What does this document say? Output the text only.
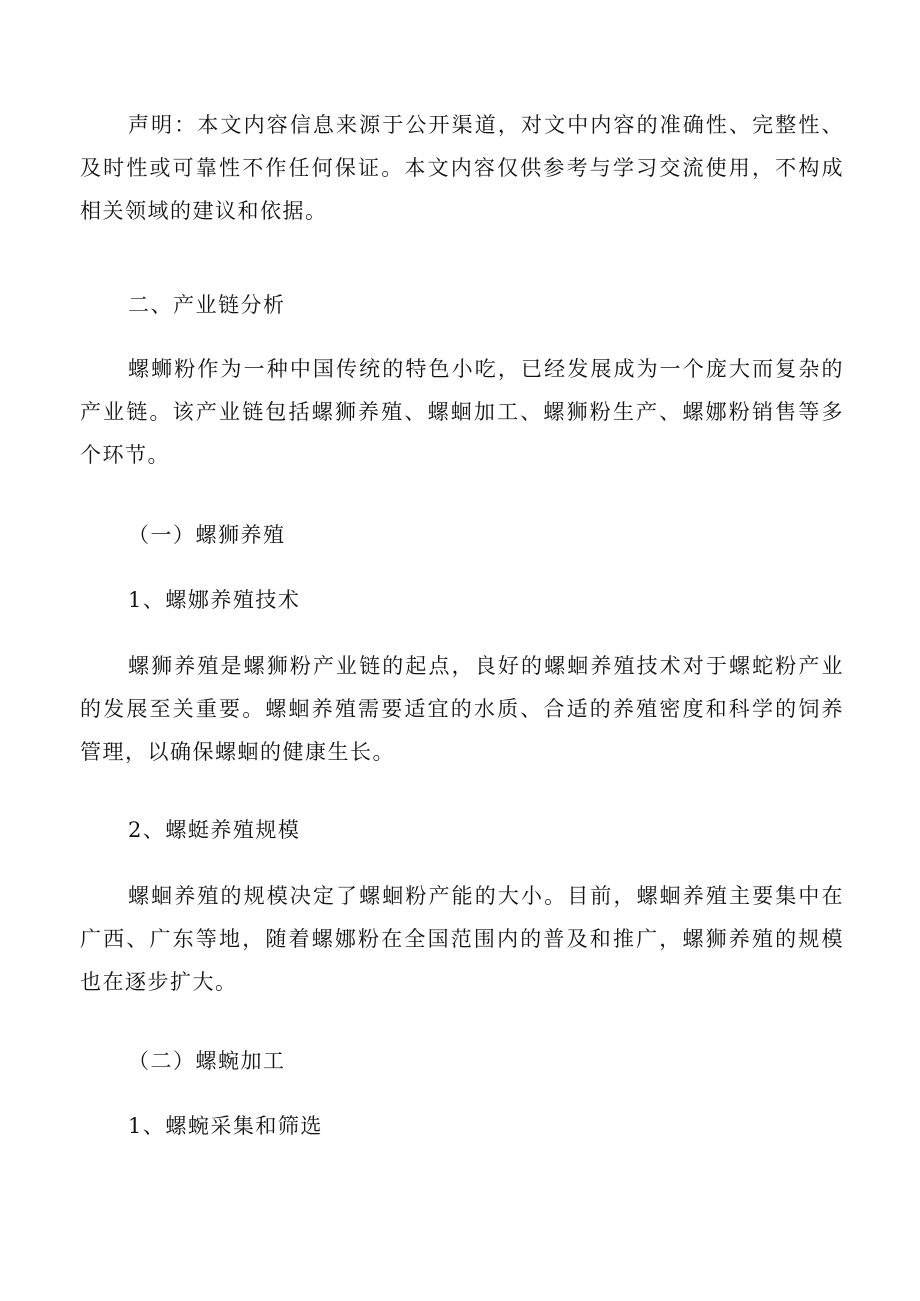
声明：本文内容信息来源于公开渠道，对文中内容的准确性、完整性、及时性或可靠性不作任何保证。本文内容仅供参考与学习交流使用，不构成相关领域的建议和依据。

二、产业链分析

螺蛳粉作为一种中国传统的特色小吃，已经发展成为一个庞大而复杂的产业链。该产业链包括螺狮养殖、螺蛔加工、螺狮粉生产、螺娜粉销售等多个环节。

（一）螺狮养殖

1、螺娜养殖技术

螺狮养殖是螺狮粉产业链的起点，良好的螺蛔养殖技术对于螺蛇粉产业的发展至关重要。螺蛔养殖需要适宜的水质、合适的养殖密度和科学的饲养管理，以确保螺蛔的健康生长。

2、螺蜓养殖规模

螺蛔养殖的规模决定了螺蛔粉产能的大小。目前，螺蛔养殖主要集中在广西、广东等地，随着螺娜粉在全国范围内的普及和推广，螺狮养殖的规模也在逐步扩大。

（二）螺蜿加工

1、螺蜿采集和筛选
